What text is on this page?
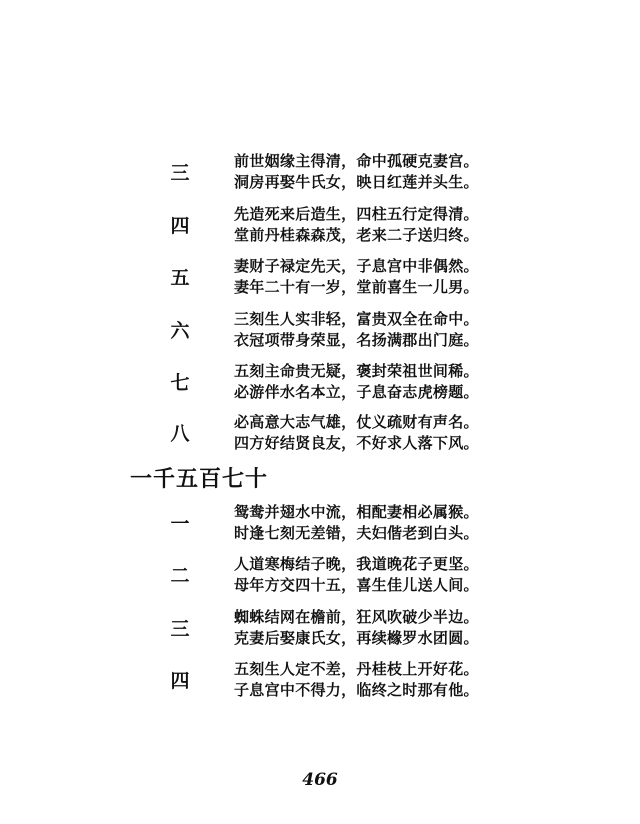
三
前世姻缘主得清，命中孤硬克妻宫。
洞房再娶牛氏女，映日红莲并头生。
四
先造死来后造生，四柱五行定得清。
堂前丹桂森森茂，老来二子送归终。
五
妻财子禄定先天，子息宫中非偶然。
妻年二十有一岁，堂前喜生一儿男。
六
三刻生人实非轻，富贵双全在命中。
衣冠项带身荣显，名扬满郡出门庭。
七
五刻主命贵无疑，褒封荣祖世间稀。
必游伴水名本立，子息奋志虎榜题。
八
必高意大志气雄，仗义疏财有声名。
四方好结贤良友，不好求人落下风。
一千五百七十
一
鸳鸯并翅水中流，相配妻相必属猴。
时逢七刻无差错，夫妇偕老到白头。
二
人道寒梅结子晚，我道晚花子更坚。
母年方交四十五，喜生佳儿送人间。
三
蜘蛛结网在檐前，狂风吹破少半边。
克妻后娶康氏女，再续橼罗水团圆。
四
五刻生人定不差，丹桂枝上开好花。
子息宫中不得力，临终之时那有他。
466
